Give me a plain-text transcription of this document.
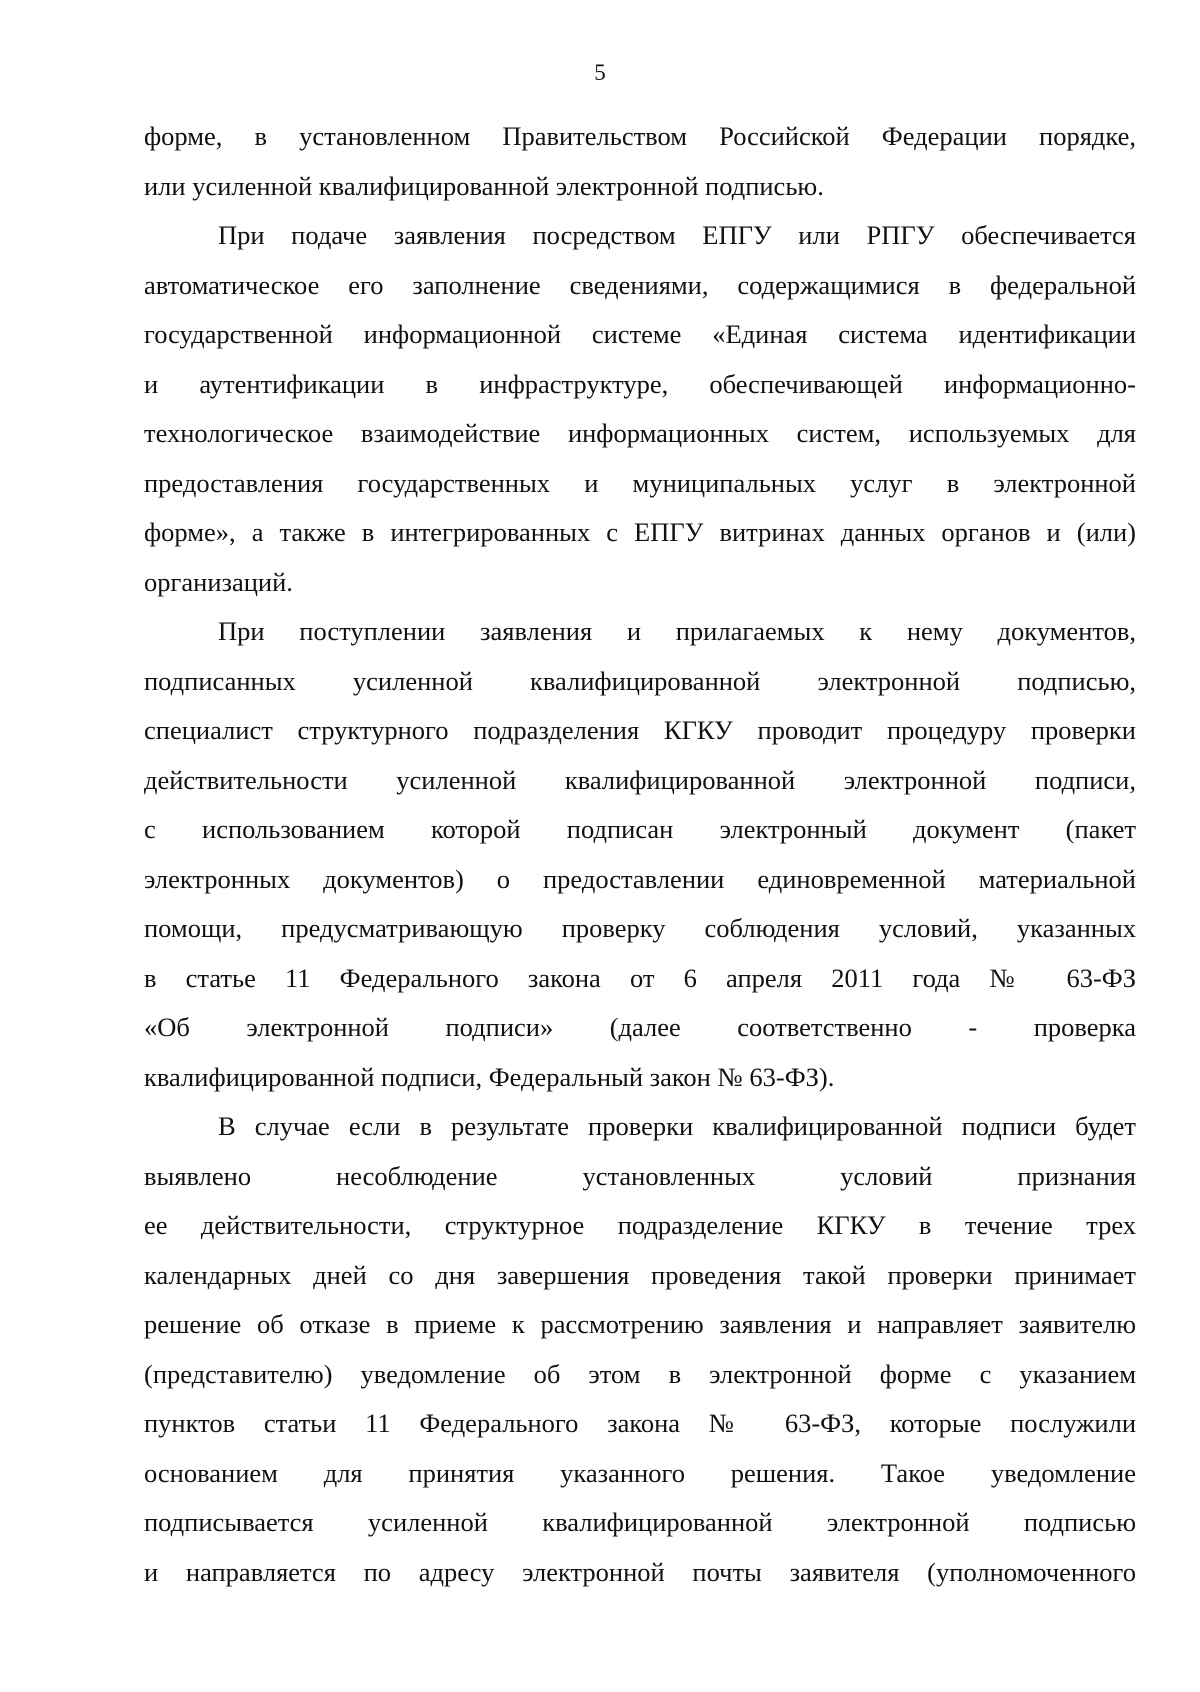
5
форме, в установленном Правительством Российской Федерации порядке,
или усиленной квалифицированной электронной подписью.
При подаче заявления посредством ЕПГУ или РПГУ обеспечивается
автоматическое его заполнение сведениями, содержащимися в федеральной
государственной информационной системе «Единая система идентификации
и аутентификации в инфраструктуре, обеспечивающей информационно-
технологическое взаимодействие информационных систем, используемых для
предоставления государственных и муниципальных услуг в электронной
форме», а также в интегрированных с ЕПГУ витринах данных органов и (или)
организаций.
При поступлении заявления и прилагаемых к нему документов,
подписанных усиленной квалифицированной электронной подписью,
специалист структурного подразделения КГКУ проводит процедуру проверки
действительности усиленной квалифицированной электронной подписи,
с использованием которой подписан электронный документ (пакет
электронных документов) о предоставлении единовременной материальной
помощи, предусматривающую проверку соблюдения условий, указанных
в статье 11 Федерального закона от 6 апреля 2011 года № 63-ФЗ
«Об электронной подписи» (далее соответственно - проверка
квалифицированной подписи, Федеральный закон № 63-ФЗ).
В случае если в результате проверки квалифицированной подписи будет
выявлено несоблюдение установленных условий признания
ее действительности, структурное подразделение КГКУ в течение трех
календарных дней со дня завершения проведения такой проверки принимает
решение об отказе в приеме к рассмотрению заявления и направляет заявителю
(представителю) уведомление об этом в электронной форме с указанием
пунктов статьи 11 Федерального закона № 63-ФЗ, которые послужили
основанием для принятия указанного решения. Такое уведомление
подписывается усиленной квалифицированной электронной подписью
и направляется по адресу электронной почты заявителя (уполномоченного
